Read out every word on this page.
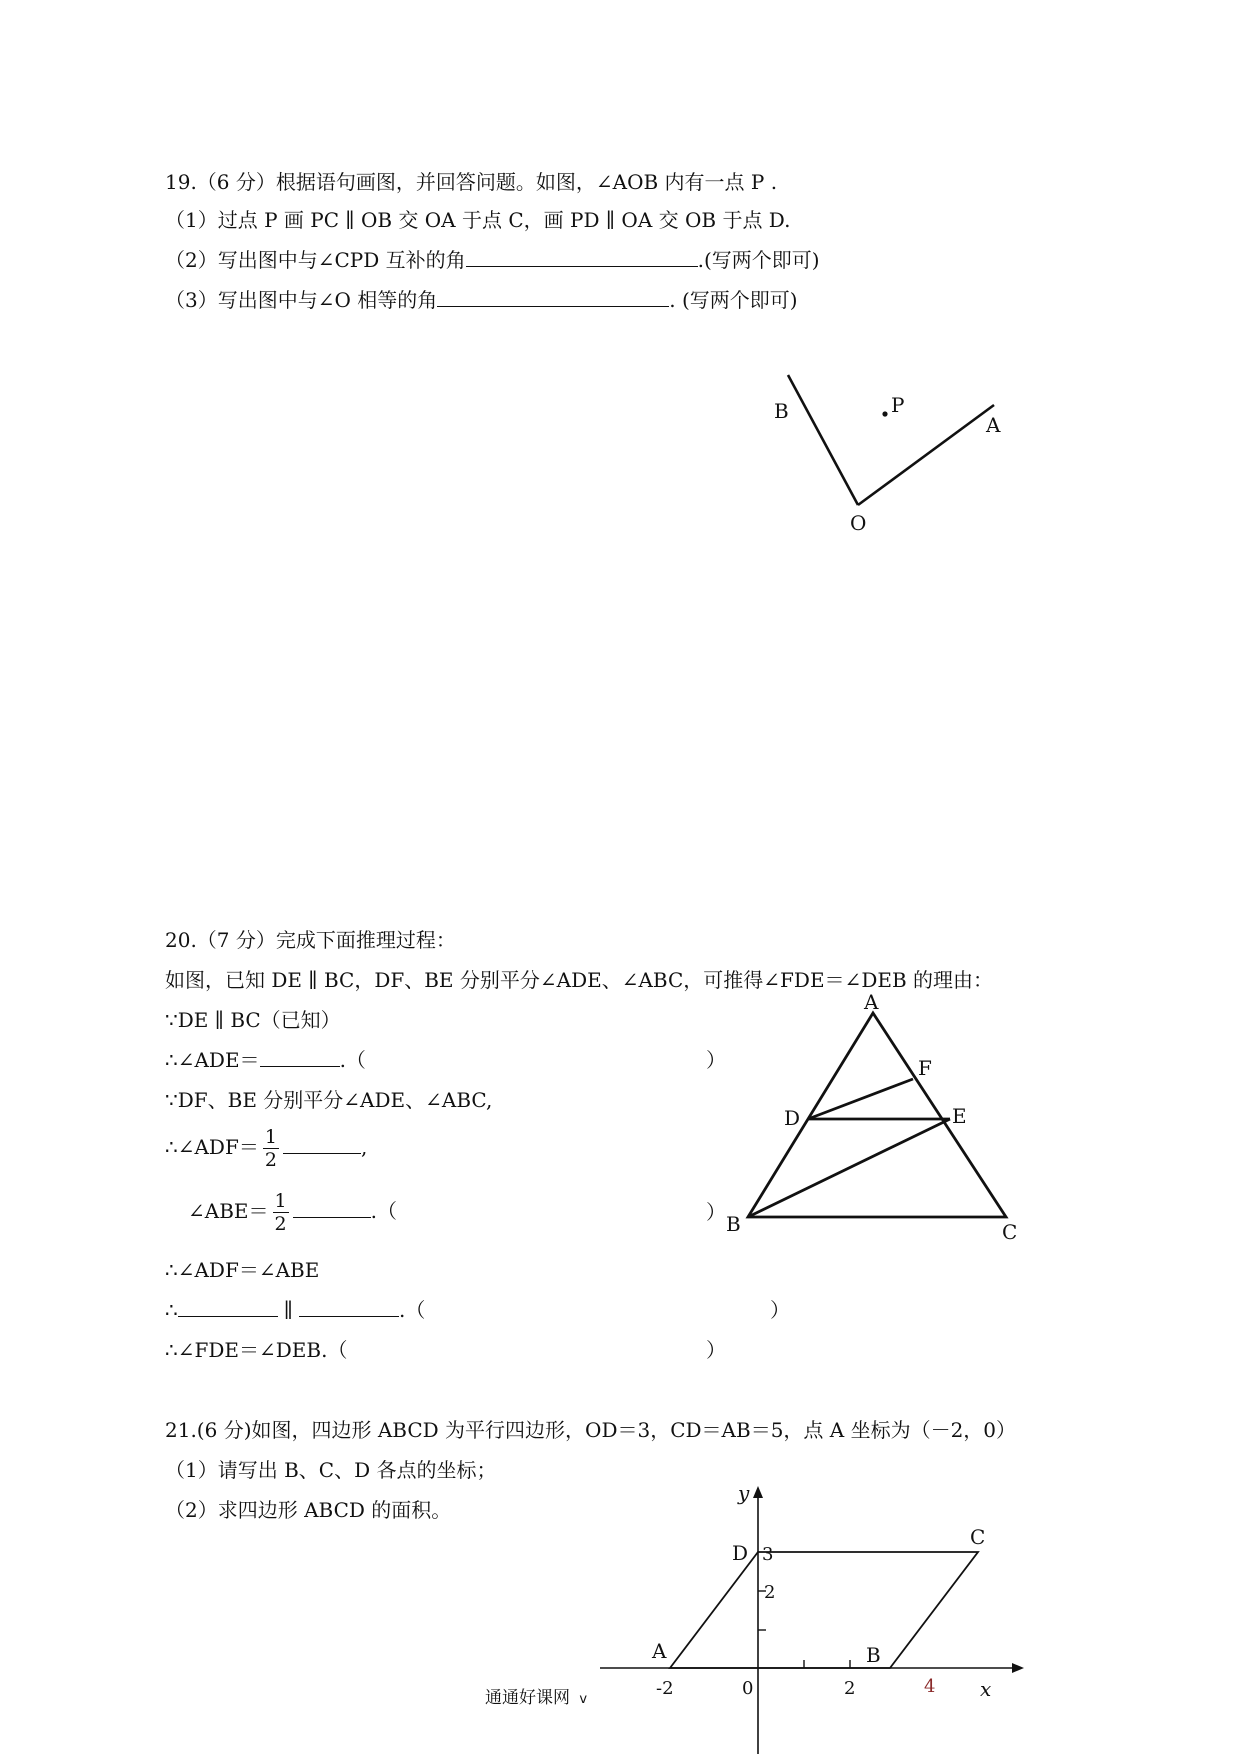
19.（6 分）根据语句画图，并回答问题。如图，∠AOB 内有一点 P .
（1）过点 P 画 PC ∥ OB 交 OA 于点 C，画 PD ∥ OA 交 OB 于点 D.
（2）写出图中与∠CPD 互补的角	.(写两个即可)
（3）写出图中与∠O 相等的角	. (写两个即可)
B	P
A
O
20.（7 分）完成下面推理过程：
如图，已知 DE ∥ BC，DF、BE 分别平分∠ADE、∠ABC，可推得∠FDE＝∠DEB 的理由：
∵DE ∥ BC（已知）
∴∠ADE＝	.（	）
∵DF、BE 分别平分∠ADE、∠ABC,
∴∠ADF＝ $\frac{1}{2}$	,
∠ABE＝ $\frac{1}{2}$	.（	）
∴∠ADF＝∠ABE
∴	∥	.（	）
∴∠FDE＝∠DEB.（	）
A
F
D	E
B	C
21.(6 分)如图，四边形 ABCD 为平行四边形，OD＝3，CD＝AB＝5，点 A 坐标为（－2，0）
（1）请写出 B、C、D 各点的坐标；
（2）求四边形 ABCD 的面积。
y
x
D 3
2
C
A	B
-2	0	2	4
通通好课网 v
